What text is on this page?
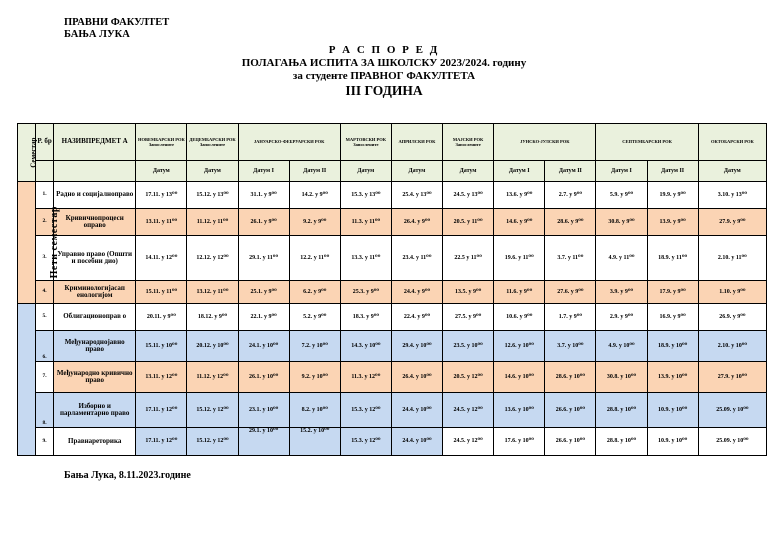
ПРАВНИ ФАКУЛТЕТ
БАЊА ЛУКА
Р А С П О Р Е Д
ПОЛАГАЊА ИСПИТА ЗА ШКОЛСКУ 2023/2024. годину
за студенте ПРАВНОГ ФАКУЛТЕТА
III ГОДИНА
Семестар	Р. бр	НАЗИВПРЕДМЕТ А	НОВЕМБАРСКИ РОК Запослените	ДЕЦЕМБАРСКИ РОК Запослените	ЈАНУАРСКО-ФЕБРУАРСКИ РОК		МАРТОВСКИ РОК Запослените	АПРИЛСКИ РОК	МАЈСКИ РОК Запослените	ЈУНСКО-ЈУЛСКИ РОК		СЕПТЕМБАРСКИ РОК		ОКТОБАРСКИ РОК
			Датум	Датум	Датум I	Датум II	Датум	Датум	Датум	Датум I	Датум II	Датум I	Датум II	Датум
Пети семестар	1.	Радно и социјалноправо	17.11. у 13⁰⁰	15.12. у 13⁰⁰	31.1. у 9⁰⁰	14.2. у 9⁰⁰	15.3. у 13⁰⁰	25.4. у 13⁰⁰	24.5. у 13⁰⁰	13.6. у 9⁰⁰	2.7. у 9⁰⁰	5.9. у 9⁰⁰	19.9. у 9⁰⁰	3.10. у 13⁰⁰
	2.	Кривичнопроцесн оправо	13.11. у 11⁰⁰	11.12. у 11⁰⁰	26.1. у 9⁰⁰	9.2. у 9⁰⁰	11.3. у 11⁰⁰	26.4. у 9⁰⁰	20.5. у 11⁰⁰	14.6. у 9⁰⁰	28.6. у 9⁰⁰	30.8. у 9⁰⁰	13.9. у 9⁰⁰	27.9. у 9⁰⁰
	3.	Управно право (Општи и посебни дио)	14.11. у 12⁰⁰	12.12. у 12⁰⁰	29.1. у 11⁰⁰	12.2. у 11⁰⁰	13.3. у 11⁰⁰	23.4. у 11⁰⁰	22.5 у 11⁰⁰	19.6. у 11⁰⁰	3.7. у 11⁰⁰	4.9. у 11⁰⁰	18.9. у 11⁰⁰	2.10. у 11⁰⁰
	4.	Криминологијасап енологијом	15.11. у 11⁰⁰	13.12. у 11⁰⁰	25.1. у 9⁰⁰	6.2. у 9⁰⁰	25.3. у 9⁰⁰	24.4. у 9⁰⁰	13.5. у 9⁰⁰	11.6. у 9⁰⁰	27.6. у 9⁰⁰	3.9. у 9⁰⁰	17.9. у 9⁰⁰	1.10. у 9⁰⁰
	5.	Облигационоправ о	20.11. у 9⁰⁰	18.12. у 9⁰⁰	22.1. у 9⁰⁰	5.2. у 9⁰⁰	18.3. у 9⁰⁰	22.4. у 9⁰⁰	27.5. у 9⁰⁰	10.6. у 9⁰⁰	1.7. у 9⁰⁰	2.9. у 9⁰⁰	16.9. у 9⁰⁰	26.9. у 9⁰⁰
	6.	Међународнојавно право	15.11. у 10⁰⁰	20.12. у 10⁰⁰	24.1. у 10⁰⁰	7.2. у 10⁰⁰	14.3. у 10⁰⁰	29.4. у 10⁰⁰	23.5. у 10⁰⁰	12.6. у 10⁰⁰	3.7. у 10⁰⁰	4.9. у 10⁰⁰	18.9. у 10⁰⁰	2.10. у 10⁰⁰
	7.	Међународно кривично право	13.11. у 12⁰⁰	11.12. у 12⁰⁰	26.1. у 10⁰⁰	9.2. у 10⁰⁰	11.3. у 12⁰⁰	26.4. у 10⁰⁰	20.5. у 12⁰⁰	14.6. у 10⁰⁰	28.6. у 10⁰⁰	30.8. у 10⁰⁰	13.9. у 10⁰⁰	27.9. у 10⁰⁰
	8.	Изборно и парламентарно право	17.11. у 12⁰⁰	15.12. у 12⁰⁰	23.1. у 10⁰⁰	8.2. у 10⁰⁰	15.3. у 12⁰⁰	24.4. у 10⁰⁰	24.5. у 12⁰⁰	13.6. у 10⁰⁰	26.6. у 10⁰⁰	28.8. у 10⁰⁰	10.9. у 10⁰⁰	25.09. у 10⁰⁰
	9.	Правнареторика	17.11. у 12⁰⁰	15.12. у 12⁰⁰	29.1. у 10⁰⁰	15.2. у 10⁰⁰	15.3. у 12⁰⁰	24.4. у 10⁰⁰	24.5. у 12⁰⁰	17.6. у 10⁰⁰	26.6. у 10⁰⁰	28.8. у 10⁰⁰	10.9. у 10⁰⁰	25.09. у 10⁰⁰
Бања Лука, 8.11.2023.године
